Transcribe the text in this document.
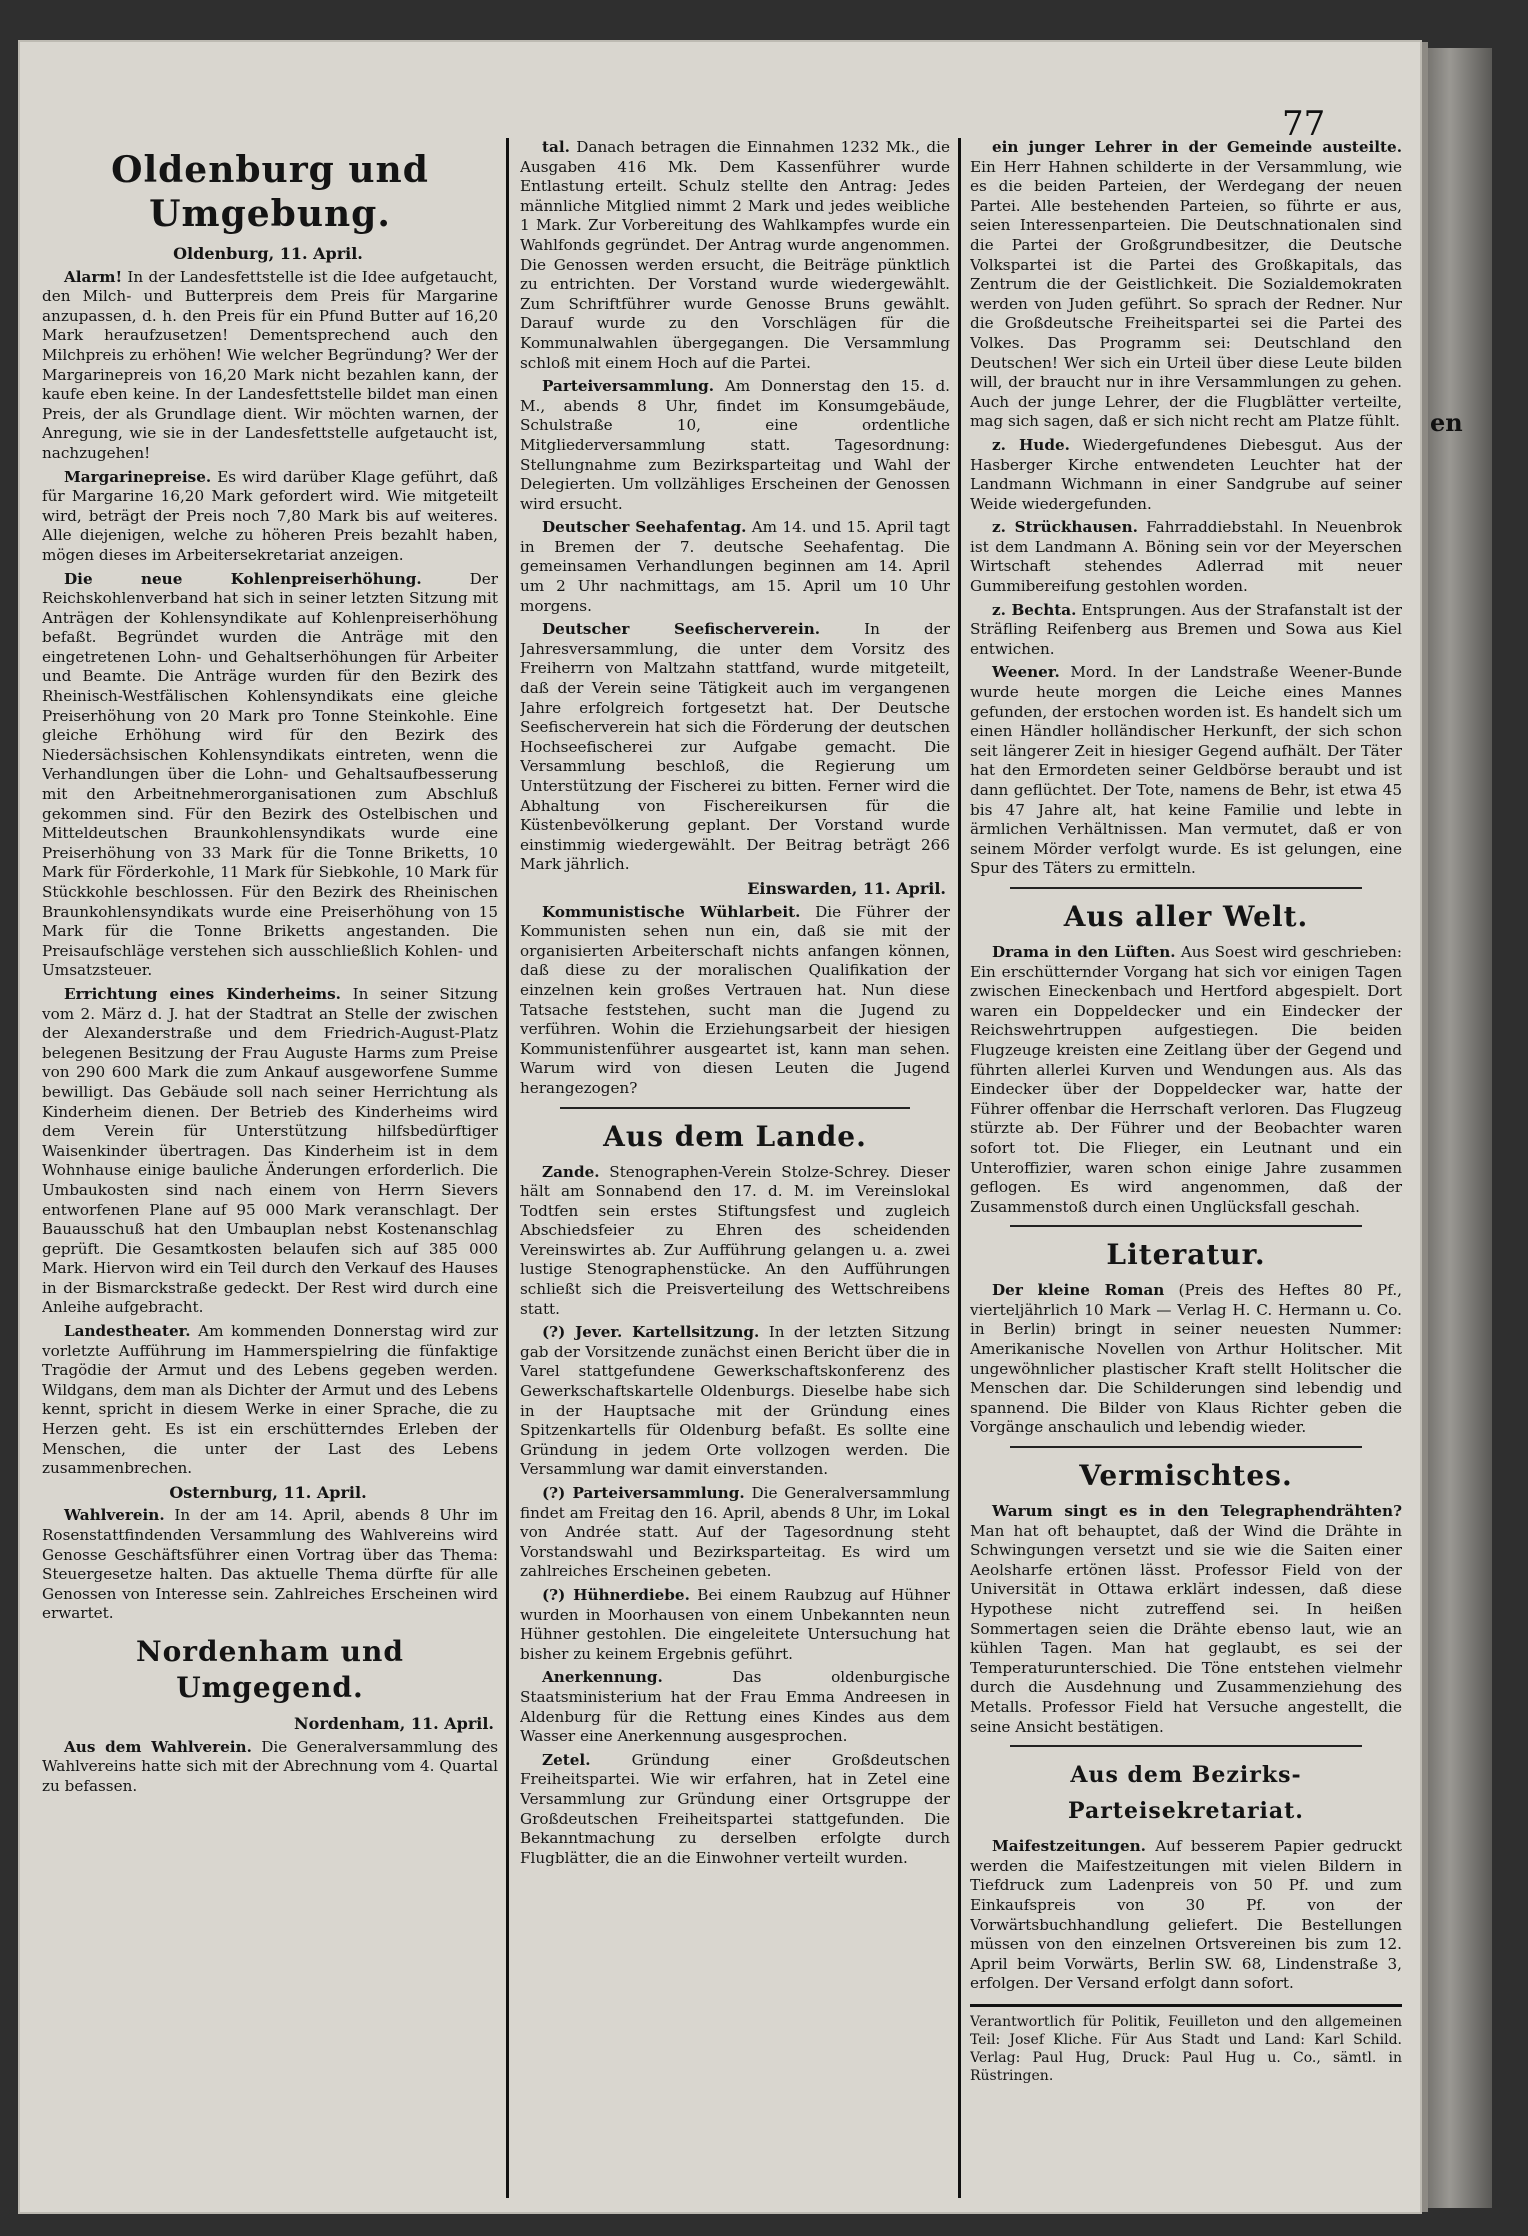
en
77
Oldenburg und Umgebung.
Oldenburg, 11. April.

Alarm! In der Landesfettstelle ist die Idee aufgetaucht, den Milch- und Butterpreis dem Preis für Margarine anzupassen, d. h. den Preis für ein Pfund Butter auf 16,20 Mark heraufzusetzen! Dementsprechend auch den Milchpreis zu erhöhen! Wie welcher Begründung? Wer der Margarinepreis von 16,20 Mark nicht bezahlen kann, der kaufe eben keine. In der Landesfettstelle bildet man einen Preis, der als Grundlage dient. Wir möchten warnen, der Anregung, wie sie in der Landesfettstelle aufgetaucht ist, nachzugehen!

Margarinepreise. Es wird darüber Klage geführt, daß für Margarine 16,20 Mark gefordert wird. Wie mitgeteilt wird, beträgt der Preis noch 7,80 Mark bis auf weiteres. Alle diejenigen, welche zu höheren Preis bezahlt haben, mögen dieses im Arbeitersekretariat anzeigen.

Die neue Kohlenpreiserhöhung.	Der Reichskohlenverband hat sich in seiner letzten Sitzung mit Anträgen der Kohlensyndikate auf Kohlenpreiserhöhung befaßt. Begründet wurden die Anträge mit den eingetretenen Lohn- und Gehaltserhöhungen für Arbeiter und Beamte. Die Anträge wurden für den Bezirk des Rheinisch-Westfälischen Kohlensyndikats eine gleiche Preiserhöhung von 20 Mark pro Tonne Steinkohle. Eine gleiche Erhöhung wird für den Bezirk des Niedersächsischen Kohlensyndikats eintreten, wenn die Verhandlungen über die Lohn- und Gehaltsaufbesserung mit den Arbeitnehmerorganisationen zum Abschluß gekommen sind. Für den Bezirk des Ostelbischen und Mitteldeutschen Braunkohlensyndikats wurde eine Preiserhöhung von 33 Mark für die Tonne Briketts, 10 Mark für Förderkohle, 11 Mark für Siebkohle, 10 Mark für Stückkohle beschlossen. Für den Bezirk des Rheinischen Braunkohlensyndikats wurde eine Preiserhöhung von 15 Mark für die Tonne Briketts angestanden. Die Preisaufschläge verstehen sich ausschließlich Kohlen- und Umsatzsteuer.

Errichtung eines Kinderheims. In seiner Sitzung vom 2. März d. J. hat der Stadtrat an Stelle der zwischen der Alexanderstraße und dem Friedrich-August-Platz belegenen Besitzung der Frau Auguste Harms zum Preise von 290 600 Mark die zum Ankauf ausgeworfene Summe bewilligt. Das Gebäude soll nach seiner Herrichtung als Kinderheim dienen. Der Betrieb des Kinderheims wird dem Verein für Unterstützung hilfsbedürftiger Waisenkinder übertragen. Das Kinderheim ist in dem Wohnhause einige bauliche Änderungen erforderlich. Die Umbaukosten sind nach einem von Herrn Sievers entworfenen Plane auf 95 000 Mark veranschlagt. Der Bauausschuß hat den Umbauplan nebst Kostenanschlag geprüft. Die Gesamtkosten belaufen sich auf 385 000 Mark. Hiervon wird ein Teil durch den Verkauf des Hauses in der Bismarckstraße gedeckt. Der Rest wird durch eine Anleihe aufgebracht.

Landestheater. Am kommenden Donnerstag wird zur vorletzte Aufführung im Hammerspielring die fünfaktige Tragödie der Armut und des Lebens gegeben werden. Wildgans, dem man als Dichter der Armut und des Lebens kennt, spricht in diesem Werke in einer Sprache, die zu Herzen geht. Es ist ein erschütterndes Erleben der Menschen, die unter der Last des Lebens zusammenbrechen.

Osternburg, 11. April.

Wahlverein. In der am 14. April, abends 8 Uhr im Rosenstattfindenden Versammlung des Wahlvereins wird Genosse Geschäftsführer einen Vortrag über das Thema: Steuergesetze halten. Das aktuelle Thema dürfte für alle Genossen von Interesse sein. Zahlreiches Erscheinen wird erwartet.

Nordenham und Umgegend.
Nordenham, 11. April.

Aus dem Wahlverein. Die Generalversammlung des Wahlvereins hatte sich mit der Abrechnung vom 4. Quartal zu befassen.

tal. Danach betragen die Einnahmen 1232 Mk., die Ausgaben 416 Mk. Dem Kassenführer wurde Entlastung erteilt. Schulz stellte den Antrag: Jedes männliche Mitglied nimmt 2 Mark und jedes weibliche 1 Mark. Zur Vorbereitung des Wahlkampfes wurde ein Wahlfonds gegründet. Der Antrag wurde angenommen. Die Genossen werden ersucht, die Beiträge pünktlich zu entrichten. Der Vorstand wurde wiedergewählt. Zum Schriftführer wurde Genosse Bruns gewählt. Darauf wurde zu den Vorschlägen für die Kommunalwahlen übergegangen. Die Versammlung schloß mit einem Hoch auf die Partei.

Parteiversammlung. Am Donnerstag den 15. d. M., abends 8 Uhr, findet im Konsumgebäude, Schulstraße 10, eine ordentliche Mitgliederversammlung statt. Tagesordnung: Stellungnahme zum Bezirksparteitag und Wahl der Delegierten. Um vollzähliges Erscheinen der Genossen wird ersucht.

Deutscher Seehafentag. Am 14. und 15. April tagt in Bremen der 7. deutsche Seehafentag. Die gemeinsamen Verhandlungen beginnen am 14. April um 2 Uhr nachmittags, am 15. April um 10 Uhr morgens.

Deutscher Seefischerverein.	In der Jahresversammlung, die unter dem Vorsitz des Freiherrn von Maltzahn stattfand, wurde mitgeteilt, daß der Verein seine Tätigkeit auch im vergangenen Jahre erfolgreich fortgesetzt hat. Der Deutsche Seefischerverein hat sich die Förderung der deutschen Hochseefischerei zur Aufgabe gemacht. Die Versammlung beschloß, die Regierung um Unterstützung der Fischerei zu bitten. Ferner wird die Abhaltung von Fischereikursen für die Küstenbevölkerung geplant. Der Vorstand wurde einstimmig wiedergewählt. Der Beitrag beträgt 266 Mark jährlich.

Einswarden, 11. April.

Kommunistische Wühlarbeit. Die Führer der Kommunisten sehen nun ein, daß sie mit der organisierten Arbeiterschaft nichts anfangen können, daß diese zu der moralischen Qualifikation der einzelnen kein großes Vertrauen hat. Nun diese Tatsache feststehen, sucht man die Jugend zu verführen. Wohin die Erziehungsarbeit der hiesigen Kommunistenführer ausgeartet ist, kann man sehen. Warum wird von diesen Leuten die Jugend herangezogen?

Aus dem Lande.

Zande. Stenographen-Verein Stolze-Schrey. Dieser hält am Sonnabend den 17. d. M. im Vereinslokal Todtfen sein erstes Stiftungsfest und zugleich Abschiedsfeier zu Ehren des scheidenden Vereinswirtes ab. Zur Aufführung gelangen u. a. zwei lustige Stenographenstücke. An den Aufführungen schließt sich die Preisverteilung des Wettschreibens statt.

(?) Jever. Kartellsitzung. In der letzten Sitzung gab der Vorsitzende zunächst einen Bericht über die in Varel stattgefundene Gewerkschaftskonferenz des Gewerkschaftskartelle Oldenburgs. Dieselbe habe sich in der Hauptsache mit der Gründung eines Spitzenkartells für Oldenburg befaßt. Es sollte eine Gründung in jedem Orte vollzogen werden. Die Versammlung war damit einverstanden.

(?) Parteiversammlung. Die Generalversammlung findet am Freitag den 16. April, abends 8 Uhr, im Lokal von Andrée statt. Auf der Tagesordnung steht Vorstandswahl und Bezirksparteitag. Es wird um zahlreiches Erscheinen gebeten.

(?) Hühnerdiebe. Bei einem Raubzug auf Hühner wurden in Moorhausen von einem Unbekannten neun Hühner gestohlen. Die eingeleitete Untersuchung hat bisher zu keinem Ergebnis geführt.

Anerkennung.	Das oldenburgische Staatsministerium hat der Frau Emma Andreesen in Aldenburg für die Rettung eines Kindes aus dem Wasser eine Anerkennung ausgesprochen.

Zetel.	Gründung einer Großdeutschen Freiheitspartei. Wie wir erfahren, hat in Zetel eine Versammlung zur Gründung einer Ortsgruppe der Großdeutschen Freiheitspartei stattgefunden. Die Bekanntmachung zu derselben erfolgte durch Flugblätter, die an die Einwohner verteilt wurden.

ein junger Lehrer in der Gemeinde austeilte. Ein Herr Hahnen schilderte in der Versammlung, wie es die beiden Parteien, der Werdegang der neuen Partei. Alle bestehenden Parteien, so führte er aus, seien Interessenparteien. Die Deutschnationalen sind die Partei der Großgrundbesitzer, die Deutsche Volkspartei ist die Partei des Großkapitals, das Zentrum die der Geistlichkeit. Die Sozialdemokraten werden von Juden geführt. So sprach der Redner. Nur die Großdeutsche Freiheitspartei sei die Partei des Volkes. Das Programm sei: Deutschland den Deutschen! Wer sich ein Urteil über diese Leute bilden will, der braucht nur in ihre Versammlungen zu gehen. Auch der junge Lehrer, der die Flugblätter verteilte, mag sich sagen, daß er sich nicht recht am Platze fühlt.

z. Hude. Wiedergefundenes Diebesgut. Aus der Hasberger Kirche entwendeten Leuchter hat der Landmann Wichmann in einer Sandgrube auf seiner Weide wiedergefunden.

z. Strückhausen. Fahrraddiebstahl. In Neuenbrok ist dem Landmann A. Böning sein vor der Meyerschen Wirtschaft stehendes Adlerrad mit neuer Gummibereifung gestohlen worden.

z. Bechta. Entsprungen. Aus der Strafanstalt ist der Sträfling Reifenberg aus Bremen und Sowa aus Kiel entwichen.

Weener. Mord. In der Landstraße Weener-Bunde wurde heute morgen die Leiche eines Mannes gefunden, der erstochen worden ist. Es handelt sich um einen Händler holländischer Herkunft, der sich schon seit längerer Zeit in hiesiger Gegend aufhält. Der Täter hat den Ermordeten seiner Geldbörse beraubt und ist dann geflüchtet. Der Tote, namens de Behr, ist etwa 45 bis 47 Jahre alt, hat keine Familie und lebte in ärmlichen Verhältnissen. Man vermutet, daß er von seinem Mörder verfolgt wurde. Es ist gelungen, eine Spur des Täters zu ermitteln.

Aus aller Welt.

Drama in den Lüften. Aus Soest wird geschrieben: Ein erschütternder Vorgang hat sich vor einigen Tagen zwischen Eineckenbach und Hertford abgespielt. Dort waren ein Doppeldecker und ein Eindecker der Reichswehrtruppen aufgestiegen. Die beiden Flugzeuge kreisten eine Zeitlang über der Gegend und führten allerlei Kurven und Wendungen aus. Als das Eindecker über der Doppeldecker war, hatte der Führer offenbar die Herrschaft verloren. Das Flugzeug stürzte ab. Der Führer und der Beobachter waren sofort tot. Die Flieger, ein Leutnant und ein Unteroffizier, waren schon einige Jahre zusammen geflogen. Es wird angenommen, daß der Zusammenstoß durch einen Unglücksfall geschah.

Literatur.

Der kleine Roman (Preis des Heftes 80 Pf., vierteljährlich 10 Mark — Verlag H. C. Hermann u. Co. in Berlin) bringt in seiner neuesten Nummer: Amerikanische Novellen von Arthur Holitscher. Mit ungewöhnlicher plastischer Kraft stellt Holitscher die Menschen dar. Die Schilderungen sind lebendig und spannend. Die Bilder von Klaus Richter geben die Vorgänge anschaulich und lebendig wieder.

Vermischtes.

Warum singt es in den Telegraphendrähten? Man hat oft behauptet, daß der Wind die Drähte in Schwingungen versetzt und sie wie die Saiten einer Aeolsharfe ertönen lässt. Professor Field von der Universität in Ottawa erklärt indessen, daß diese Hypothese nicht zutreffend sei. In heißen Sommertagen seien die Drähte ebenso laut, wie an kühlen Tagen. Man hat geglaubt, es sei der Temperaturunterschied. Die Töne entstehen vielmehr durch die Ausdehnung und Zusammenziehung des Metalls. Professor Field hat Versuche angestellt, die seine Ansicht bestätigen.

Aus dem Bezirks-Parteisekretariat.

Maifestzeitungen. Auf besserem Papier gedruckt werden die Maifestzeitungen mit vielen Bildern in Tiefdruck zum Ladenpreis von 50 Pf. und zum Einkaufspreis von 30 Pf. von der Vorwärtsbuchhandlung geliefert. Die Bestellungen müssen von den einzelnen Ortsvereinen bis zum 12. April beim Vorwärts, Berlin SW. 68, Lindenstraße 3, erfolgen. Der Versand erfolgt dann sofort.

Verantwortlich für Politik, Feuilleton und den allgemeinen Teil: Josef Kliche. Für Aus Stadt und Land: Karl Schild. Verlag: Paul Hug, Druck: Paul Hug u. Co., sämtl. in Rüstringen.
